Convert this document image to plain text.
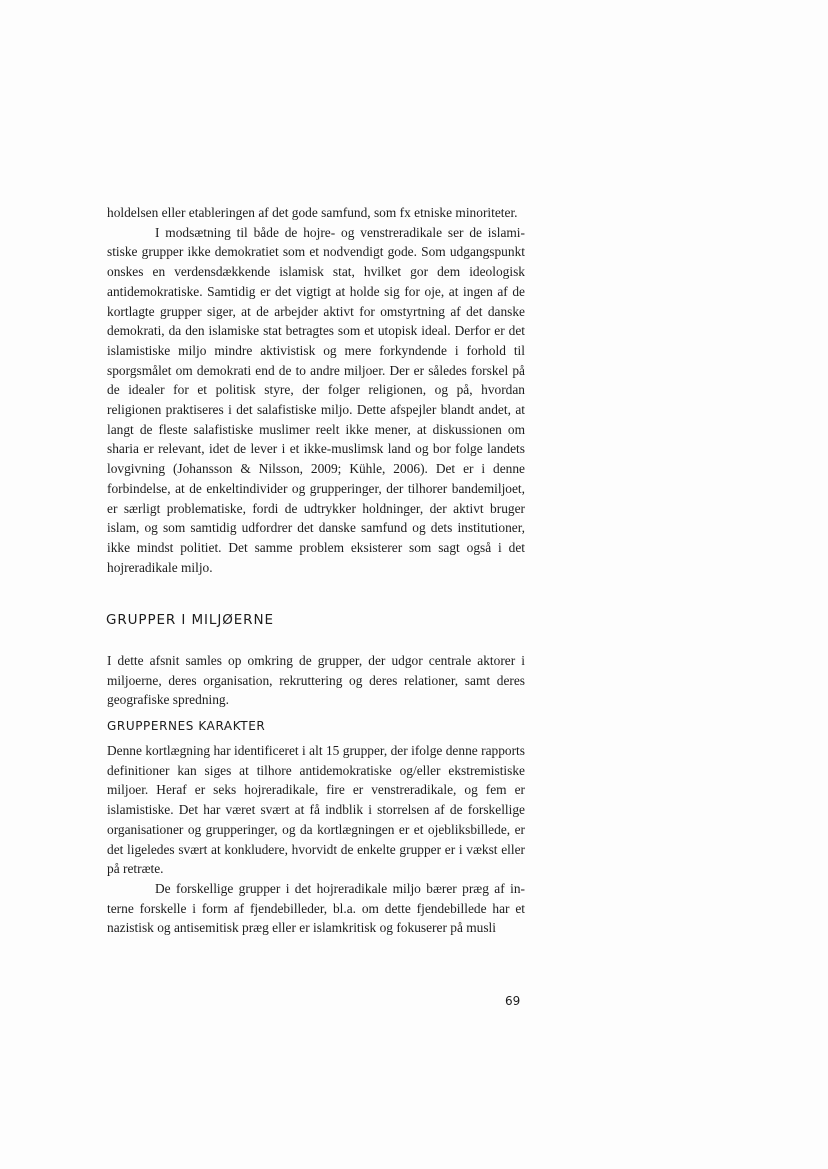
holdelsen eller etableringen af det gode samfund, som fx etniske minoriteter.

I modsætning til både de hojre- og venstreradikale ser de islamistiske grupper ikke demokratiet som et nodvendigt gode. Som udgangspunkt onskes en verdensdækkende islamisk stat, hvilket gor dem ideologisk antidemokratiske. Samtidig er det vigtigt at holde sig for oje, at ingen af de kortlagte grupper siger, at de arbejder aktivt for omstyrtning af det danske demokrati, da den islamiske stat betragtes som et utopisk ideal. Derfor er det islamistiske miljo mindre aktivistisk og mere forkyndende i forhold til sporgsmålet om demokrati end de to andre miljoer. Der er således forskel på de idealer for et politisk styre, der folger religionen, og på, hvordan religionen praktiseres i det salafistiske miljo. Dette afspejler blandt andet, at langt de fleste salafistiske muslimer reelt ikke mener, at diskussionen om sharia er relevant, idet de lever i et ikke-muslimsk land og bor folge landets lovgivning (Johansson & Nilsson, 2009; Kühle, 2006). Det er i denne forbindelse, at de enkeltindivider og grupperinger, der tilhorer bandemiljoet, er særligt problematiske, fordi de udtrykker holdninger, der aktivt bruger islam, og som samtidig udfordrer det danske samfund og dets institutioner, ikke mindst politiet. Det samme problem eksisterer som sagt også i det hojreradikale miljo.

GRUPPER I MILJØERNE

I dette afsnit samles op omkring de grupper, der udgor centrale aktorer i miljoerne, deres organisation, rekruttering og deres relationer, samt deres geografiske spredning.

GRUPPERNES KARAKTER

Denne kortlægning har identificeret i alt 15 grupper, der ifolge denne rapports definitioner kan siges at tilhore antidemokratiske og/eller ekstremistiske miljoer. Heraf er seks hojreradikale, fire er venstreradikale, og fem er islamistiske. Det har været svært at få indblik i storrelsen af de forskellige organisationer og grupperinger, og da kortlægningen er et ojebliksbillede, er det ligeledes svært at konkludere, hvorvidt de enkelte grupper er i vækst eller på retræte.

De forskellige grupper i det hojreradikale miljo bærer præg af interne forskelle i form af fjendebilleder, bl.a. om dette fjendebillede har et nazistisk og antisemitisk præg eller er islamkritisk og fokuserer på musli

69
